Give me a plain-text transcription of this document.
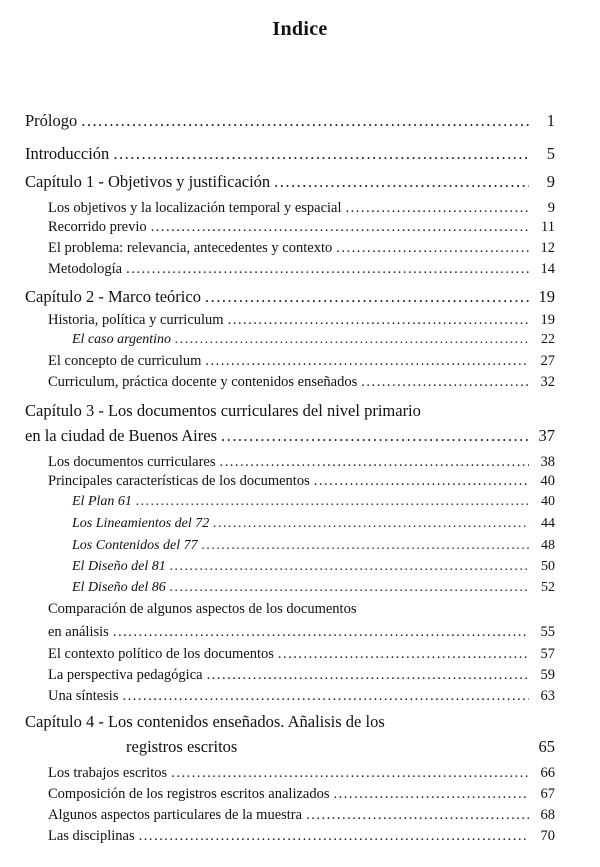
Indice
Prólogo .....	1
Introducción .....	5
Capítulo 1 - Objetivos y justificación .....	9
Los objetivos y la localización temporal y espacial .....	9
Recorrido previo .....	11
El problema: relevancia, antecedentes y contexto .....	12
Metodología .....	14
Capítulo 2 - Marco teórico .....	19
Historia, política y curriculum .....	19
El caso argentino .....	22
El concepto de curriculum .....	27
Curriculum, práctica docente y contenidos enseñados .....	32
Capítulo 3 - Los documentos curriculares del nivel primario
en la ciudad de Buenos Aires .....	37
Los documentos curriculares .....	38
Principales características de los documentos .....	40
El Plan 61 .....	40
Los Lineamientos del 72 .....	44
Los Contenidos del 77 .....	48
El Diseño del 81 .....	50
El Diseño del 86 .....	52
Comparación de algunos aspectos de los documentos
en análisis .....	55
El contexto político de los documentos .....	57
La perspectiva pedagógica .....	59
Una síntesis .....	63
Capítulo 4 - Los contenidos enseñados. Añalisis de los
registros escritos	65
Los trabajos escritos .....	66
Composición de los registros escritos analizados .....	67
Algunos aspectos particulares de la muestra .....	68
Las disciplinas .....	70
